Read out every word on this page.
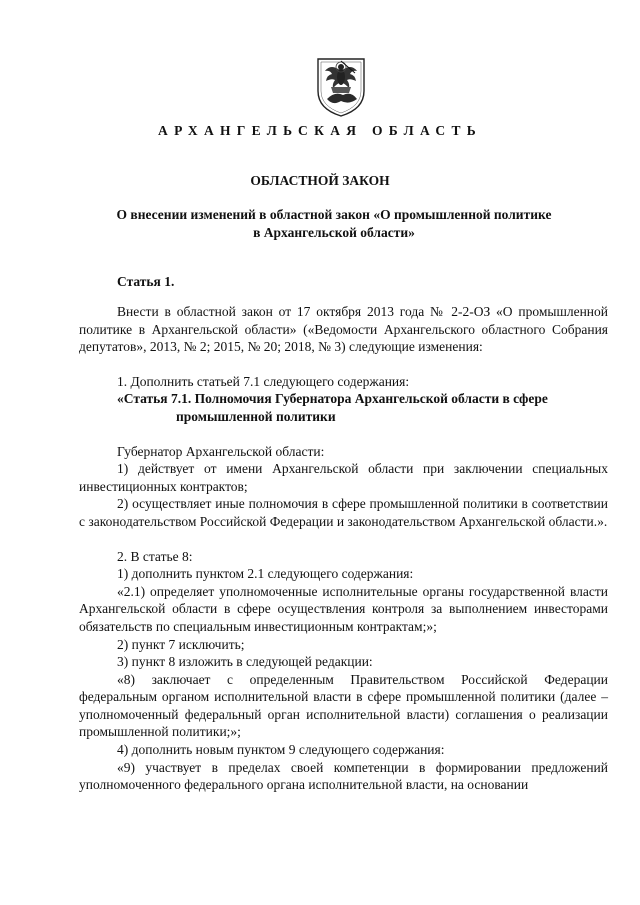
АРХАНГЕЛЬСКАЯ ОБЛАСТЬ
ОБЛАСТНОЙ ЗАКОН
О внесении изменений в областной закон «О промышленной политике
в Архангельской области»
Статья 1.

Внести в областной закон от 17 октября 2013 года № 2-2-ОЗ «О промышленной политике в Архангельской области» («Ведомости Архангельского областного Собрания депутатов», 2013, № 2; 2015, № 20; 2018, № 3) следующие изменения:

1. Дополнить статьей 7.1 следующего содержания:

«Статья 7.1. Полномочия Губернатора Архангельской области в сфере

промышленной политики

Губернатор Архангельской области:

1) действует от имени Архангельской области при заключении специальных инвестиционных контрактов;

2) осуществляет иные полномочия в сфере промышленной политики в соответствии с законодательством Российской Федерации и законодательством Архангельской области.».

2. В статье 8:

1) дополнить пунктом 2.1 следующего содержания:

«2.1) определяет уполномоченные исполнительные органы государственной власти Архангельской области в сфере осуществления контроля за выполнением инвесторами обязательств по специальным инвестиционным контрактам;»;

2) пункт 7 исключить;

3) пункт 8 изложить в следующей редакции:

«8) заключает с определенным Правительством Российской Федерации федеральным органом исполнительной власти в сфере промышленной политики (далее – уполномоченный федеральный орган исполнительной власти) соглашения о реализации промышленной политики;»;

4) дополнить новым пунктом 9 следующего содержания:

«9) участвует в пределах своей компетенции в формировании предложений уполномоченного федерального органа исполнительной власти, на основании
